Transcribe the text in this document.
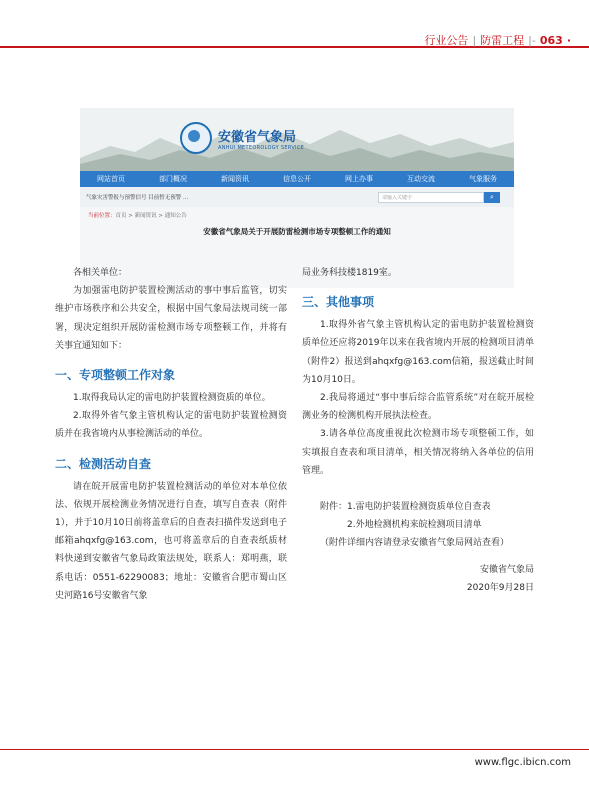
行业公告 | 防雷工程 |- 063 ·
安徽省气象局
ANHUI METEOROLOGY SERVICE
网站首页	部门概况	新闻资讯	信息公开	网上办事	互动交流	气象服务
气象灾害警报与预警信号 目前暂无预警 ...	请输入关键字	⌕
当前位置：首页 > 新闻资讯 > 通知公告
安徽省气象局关于开展防雷检测市场专项整顿工作的通知

各相关单位：

为加强雷电防护装置检测活动的事中事后监管，切实维护市场秩序和公共安全，根据中国气象局法规司统一部署，现决定组织开展防雷检测市场专项整顿工作，并将有关事宜通知如下：

一、专项整顿工作对象

1.取得我局认定的雷电防护装置检测资质的单位。

2.取得外省气象主管机构认定的雷电防护装置检测资质并在我省境内从事检测活动的单位。

二、检测活动自查

请在皖开展雷电防护装置检测活动的单位对本单位依法、依规开展检测业务情况进行自查，填写自查表（附件1），并于10月10日前将盖章后的自查表扫描件发送到电子邮箱ahqxfg@163.com，也可将盖章后的自查表纸质材料快递到安徽省气象局政策法规处，联系人：郑明燕，联系电话：0551-62290083；地址：安徽省合肥市蜀山区史河路16号安徽省气象

局业务科技楼1819室。

三、其他事项

1.取得外省气象主管机构认定的雷电防护装置检测资质单位还应将2019年以来在我省境内开展的检测项目清单（附件2）报送到ahqxfg@163.com信箱，报送截止时间为10月10日。

2.我局将通过“事中事后综合监管系统”对在皖开展检测业务的检测机构开展执法检查。

3.请各单位高度重视此次检测市场专项整顿工作，如实填报自查表和项目清单，相关情况将纳入各单位的信用管理。

附件：1.雷电防护装置检测资质单位自查表

2.外地检测机构来皖检测项目清单

（附件详细内容请登录安徽省气象局网站查看）

安徽省气象局

2020年9月28日

www.flgc.ibicn.com
